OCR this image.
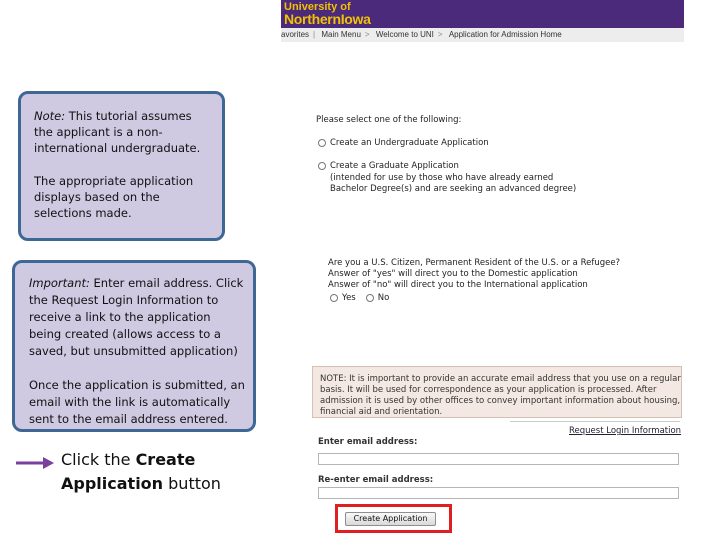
University of
NorthernIowa
avorites | Main Menu > Welcome to UNI > Application for Admission Home

Note: This tutorial assumes the applicant is a non-international undergraduate.

The appropriate application displays based on the selections made.

Important: Enter email address. Click the Request Login Information to receive a link to the application being created (allows access to a saved, but unsubmitted application)

Once the application is submitted, an email with the link is automatically sent to the email address entered.

Click the Create Application button
Please select one of the following:
Create an Undergraduate Application
Create a Graduate Application
(intended for use by those who have already earned
Bachelor Degree(s) and are seeking an advanced degree)
Are you a U.S. Citizen, Permanent Resident of the U.S. or a Refugee?
Answer of "yes" will direct you to the Domestic application
Answer of "no" will direct you to the International application
Yes	No
NOTE: It is important to provide an accurate email address that you use on a regular basis. It will be used for correspondence as your application is processed. After admission it is used by other offices to convey important information about housing, financial aid and orientation.
Request Login Information
Enter email address:
Re-enter email address:
Create Application
